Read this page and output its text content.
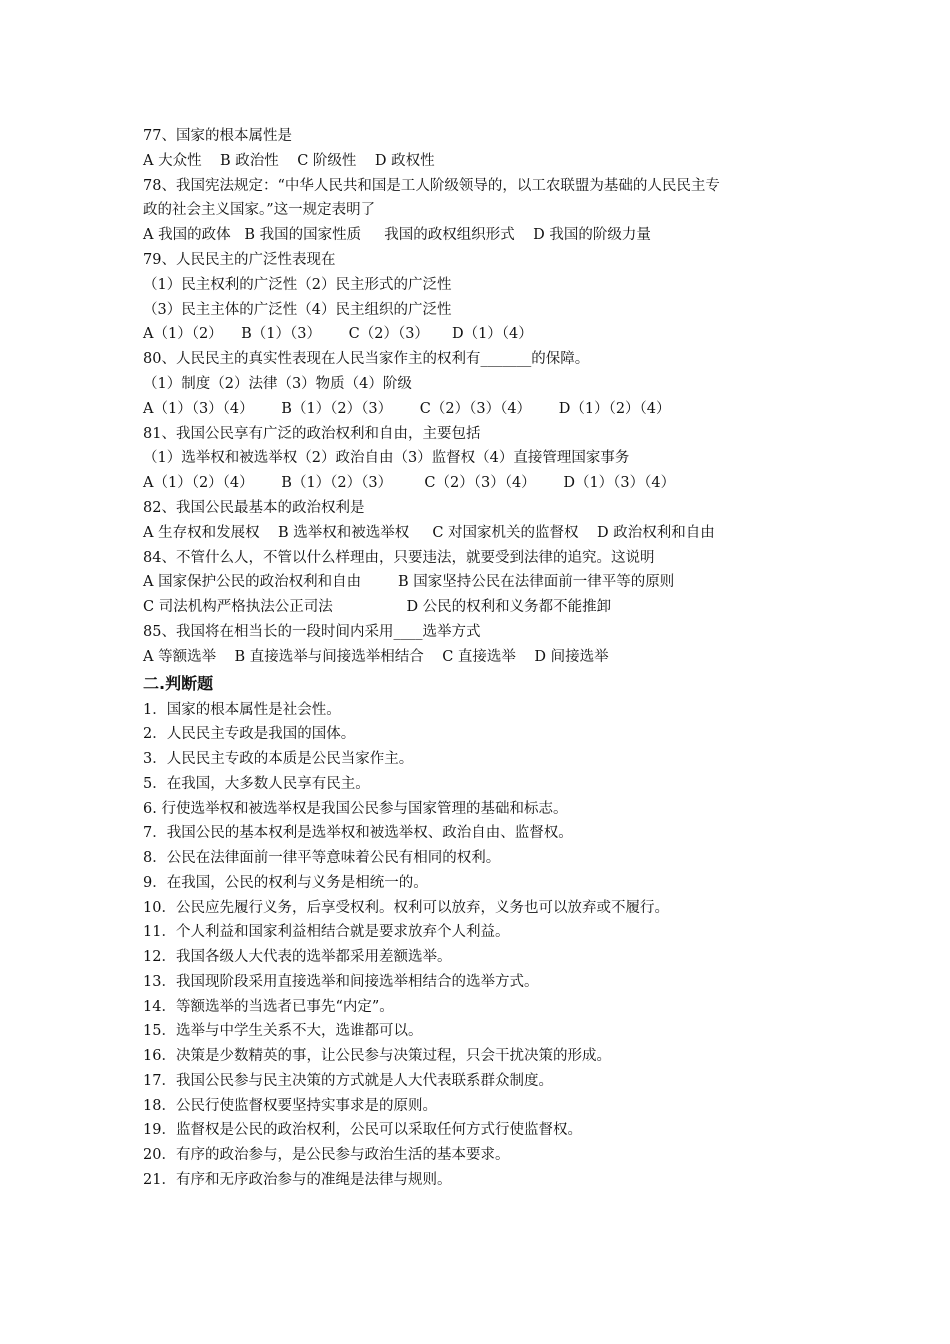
77、国家的根本属性是
A 大众性    B 政治性    C 阶级性    D 政权性
78、我国宪法规定：“中华人民共和国是工人阶级领导的，以工农联盟为基础的人民民主专
政的社会主义国家。”这一规定表明了
A 我国的政体   B 我国的国家性质     我国的政权组织形式    D 我国的阶级力量
79、人民民主的广泛性表现在
（1）民主权利的广泛性（2）民主形式的广泛性
（3）民主主体的广泛性（4）民主组织的广泛性
A（1）（2）    B（1）（3）      C（2）（3）     D（1）（4）
80、人民民主的真实性表现在人民当家作主的权利有_______的保障。
（1）制度（2）法律（3）物质（4）阶级
A（1）（3）（4）      B（1）（2）（3）      C（2）（3）（4）      D（1）（2）（4）
81、我国公民享有广泛的政治权利和自由，主要包括
（1）选举权和被选举权（2）政治自由（3）监督权（4）直接管理国家事务
A（1）（2）（4）      B（1）（2）（3）       C（2）（3）（4）      D（1）（3）（4）
82、我国公民最基本的政治权利是
A 生存权和发展权    B 选举权和被选举权     C 对国家机关的监督权    D 政治权利和自由
84、不管什么人，不管以什么样理由，只要违法，就要受到法律的追究。这说明
A 国家保护公民的政治权利和自由        B 国家坚持公民在法律面前一律平等的原则
C 司法机构严格执法公正司法                D 公民的权利和义务都不能推卸
85、我国将在相当长的一段时间内采用____选举方式
A 等额选举    B 直接选举与间接选举相结合    C 直接选举    D 间接选举
二.判断题
1．国家的根本属性是社会性。
2．人民民主专政是我国的国体。
3．人民民主专政的本质是公民当家作主。
5．在我国，大多数人民享有民主。
6. 行使选举权和被选举权是我国公民参与国家管理的基础和标志。
7．我国公民的基本权利是选举权和被选举权、政治自由、监督权。
8．公民在法律面前一律平等意味着公民有相同的权利。
9．在我国，公民的权利与义务是相统一的。
10．公民应先履行义务，后享受权利。权利可以放弃，义务也可以放弃或不履行。
11．个人利益和国家利益相结合就是要求放弃个人利益。
12．我国各级人大代表的选举都采用差额选举。
13．我国现阶段采用直接选举和间接选举相结合的选举方式。
14．等额选举的当选者已事先“内定”。
15．选举与中学生关系不大，选谁都可以。
16．决策是少数精英的事，让公民参与决策过程，只会干扰决策的形成。
17．我国公民参与民主决策的方式就是人大代表联系群众制度。
18．公民行使监督权要坚持实事求是的原则。
19．监督权是公民的政治权利，公民可以采取任何方式行使监督权。
20．有序的政治参与，是公民参与政治生活的基本要求。
21．有序和无序政治参与的准绳是法律与规则。
